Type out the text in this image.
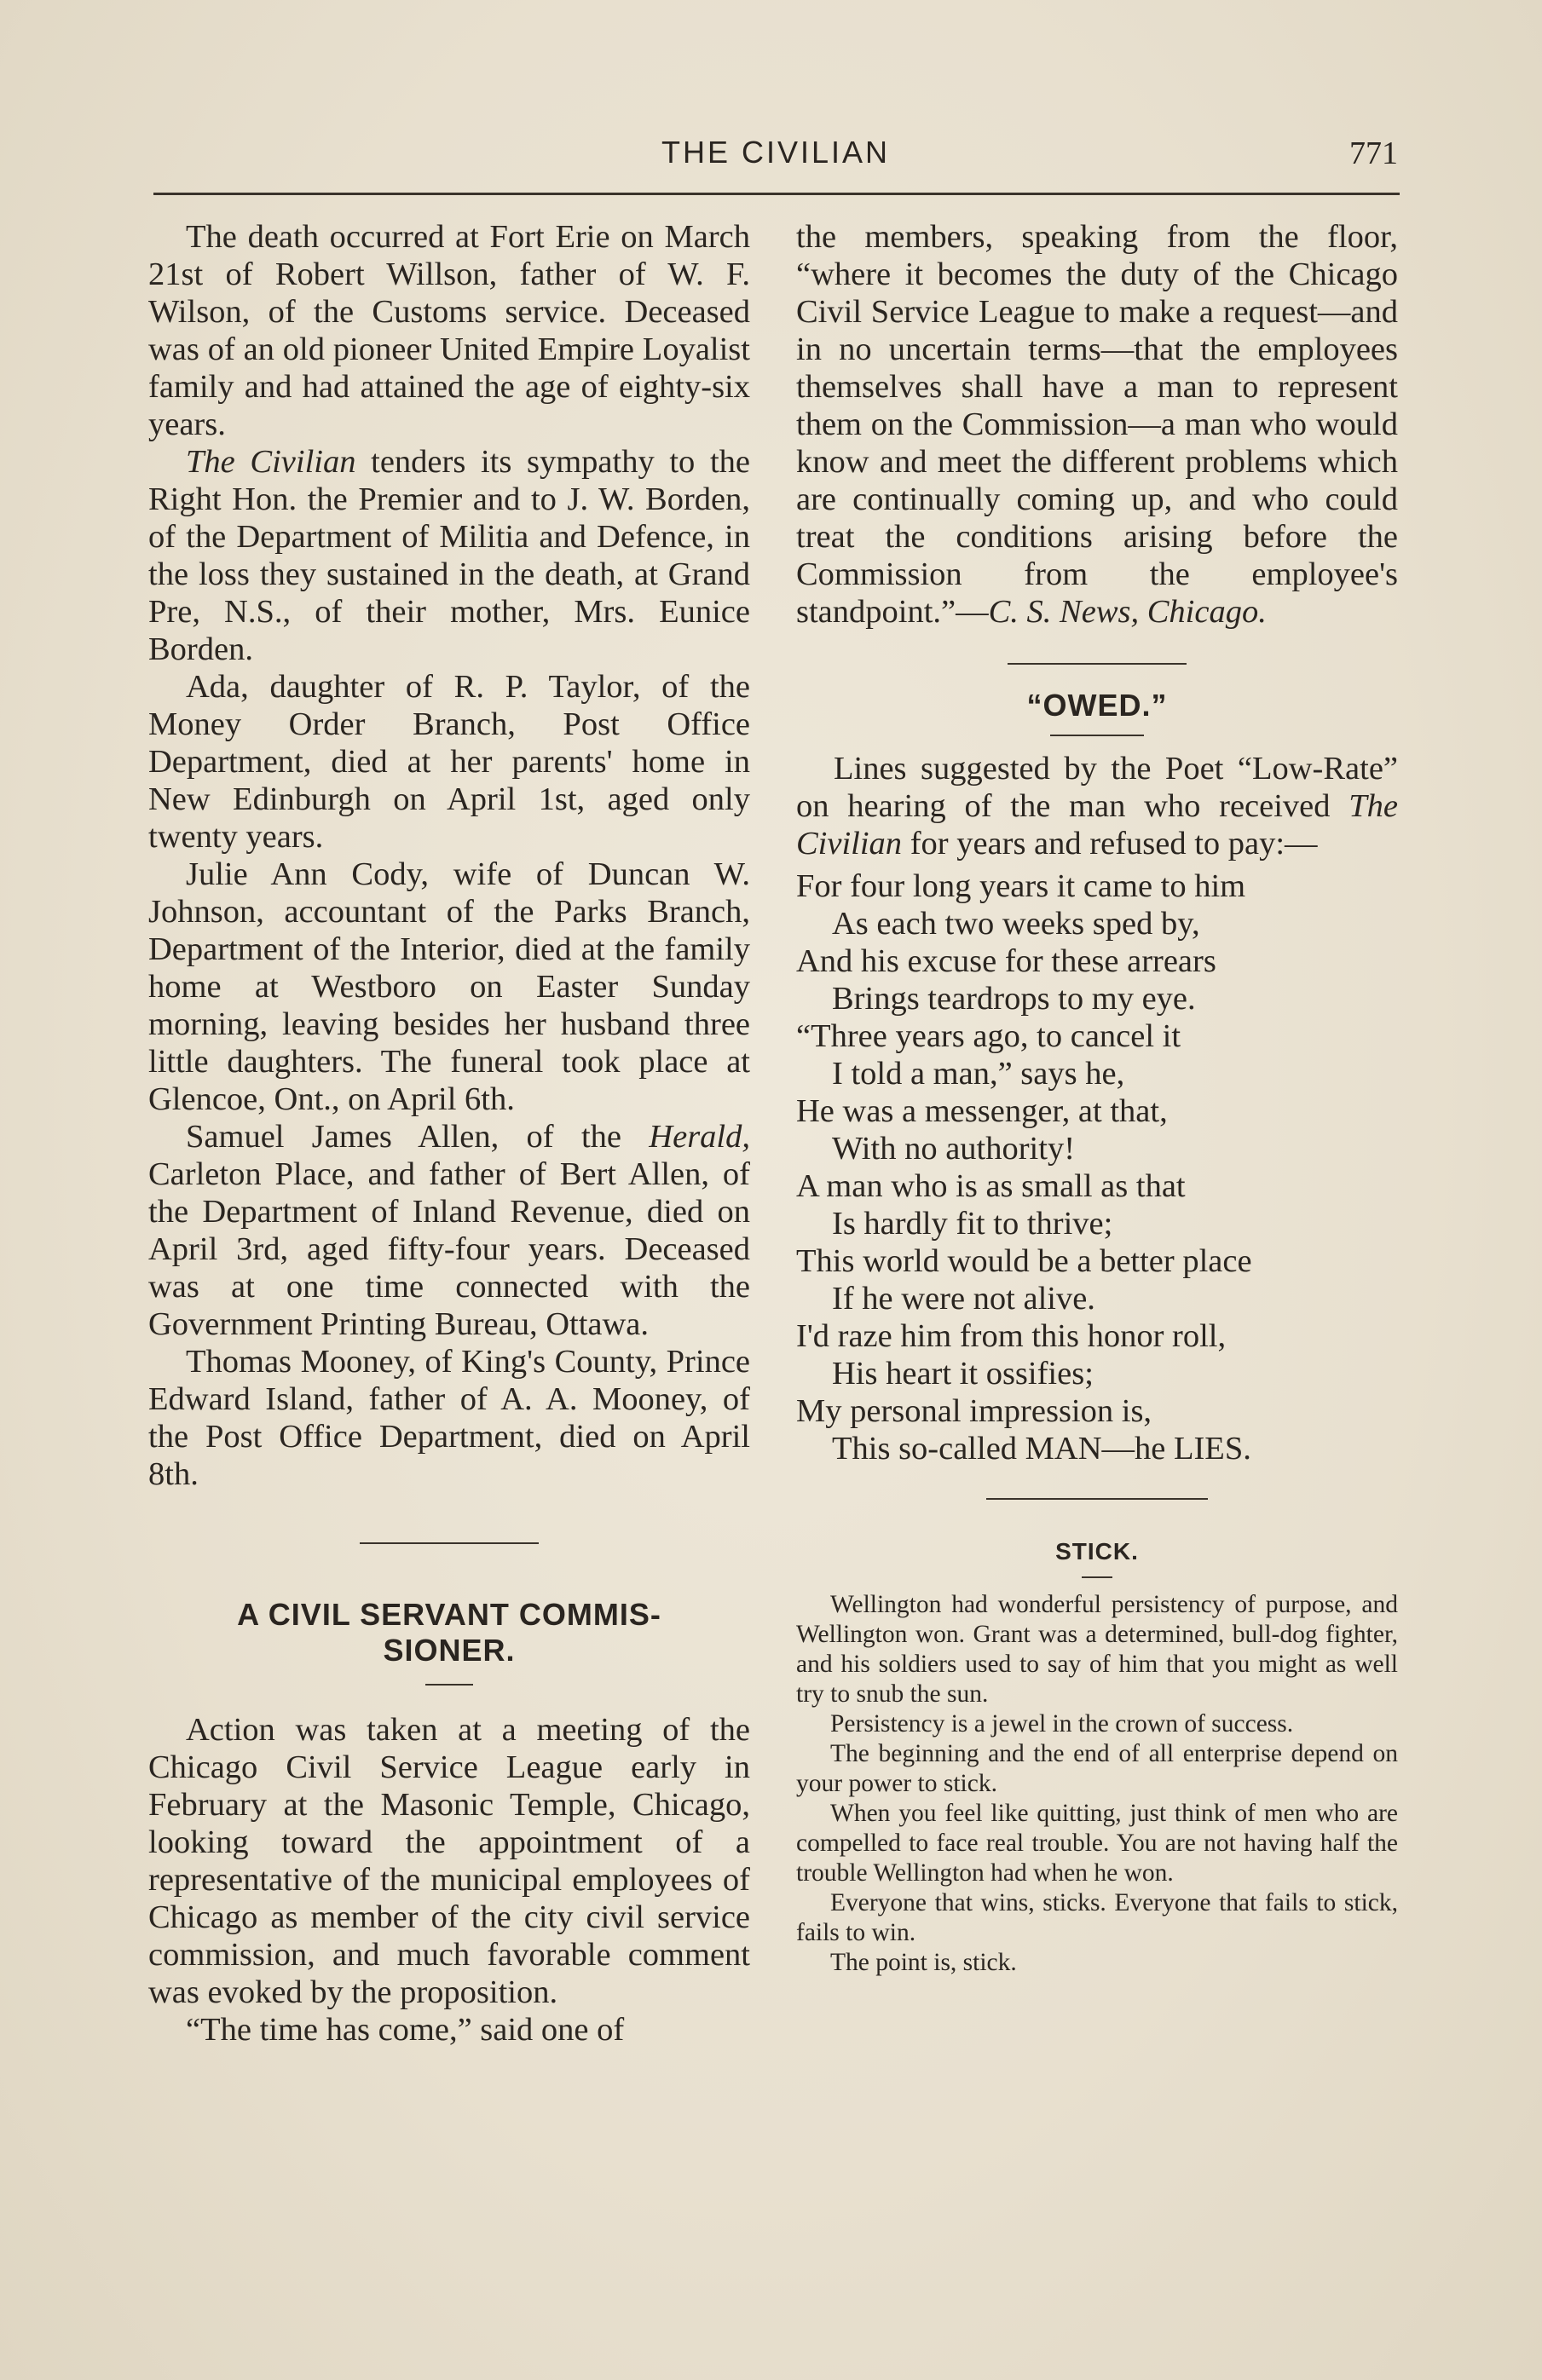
THE CIVILIAN	771

The death occurred at Fort Erie on March 21st of Robert Willson, father of W. F. Wilson, of the Customs service. Deceased was of an old pioneer United Empire Loyalist family and had attained the age of eighty-six years.

The Civilian tenders its sympathy to the Right Hon. the Premier and to J. W. Borden, of the Department of Militia and Defence, in the loss they sustained in the death, at Grand Pre, N.S., of their mother, Mrs. Eunice Borden.

Ada, daughter of R. P. Taylor, of the Money Order Branch, Post Office Department, died at her parents' home in New Edinburgh on April 1st, aged only twenty years.

Julie Ann Cody, wife of Duncan W. Johnson, accountant of the Parks Branch, Department of the Interior, died at the family home at Westboro on Easter Sunday morning, leaving besides her husband three little daughters. The funeral took place at Glencoe, Ont., on April 6th.

Samuel James Allen, of the Herald, Carleton Place, and father of Bert Allen, of the Department of Inland Revenue, died on April 3rd, aged fifty-four years. Deceased was at one time connected with the Government Printing Bureau, Ottawa.

Thomas Mooney, of King's County, Prince Edward Island, father of A. A. Mooney, of the Post Office Department, died on April 8th.

A CIVIL SERVANT COMMIS-
SIONER.

Action was taken at a meeting of the Chicago Civil Service League early in February at the Masonic Temple, Chicago, looking toward the appointment of a representative of the municipal employees of Chicago as member of the city civil service commission, and much favorable comment was evoked by the proposition.

“The time has come,” said one of

the members, speaking from the floor, “where it becomes the duty of the Chicago Civil Service League to make a request—and in no uncertain terms—that the employees themselves shall have a man to represent them on the Commission—a man who would know and meet the different problems which are continually coming up, and who could treat the conditions arising before the Commission from the employee's standpoint.”—C. S. News, Chicago.

“OWED.”

Lines suggested by the Poet “Low-Rate” on hearing of the man who received The Civilian for years and refused to pay:—

For four long years it came to him
As each two weeks sped by,
And his excuse for these arrears
Brings teardrops to my eye.
“Three years ago, to cancel it
I told a man,” says he,
He was a messenger, at that,
With no authority!
A man who is as small as that
Is hardly fit to thrive;
This world would be a better place
If he were not alive.
I'd raze him from this honor roll,
His heart it ossifies;
My personal impression is,
This so-called MAN—he LIES.
STICK.

Wellington had wonderful persistency of purpose, and Wellington won. Grant was a determined, bull-dog fighter, and his soldiers used to say of him that you might as well try to snub the sun.

Persistency is a jewel in the crown of success.

The beginning and the end of all enterprise depend on your power to stick.

When you feel like quitting, just think of men who are compelled to face real trouble. You are not having half the trouble Wellington had when he won.

Everyone that wins, sticks. Everyone that fails to stick, fails to win.

The point is, stick.
